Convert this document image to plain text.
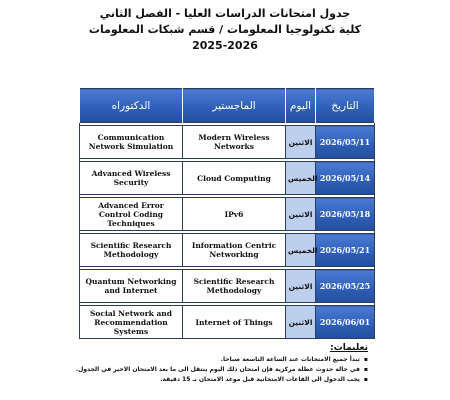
جدول امتحانات الدراسات العليا - الفصل الثاني
كلية تكنولوجيا المعلومات / قسم شبكات المعلومات
2025-2026
الدكتوراه	الماجستير	اليوم	التاريخ

Communication Network Simulation	Modern Wireless Networks	الاثنين	2026/05/11

Advanced Wireless Security	Cloud Computing	الخميس	2026/05/14

Advanced Error Control Coding Techniques	IPv6	الاثنين	2026/05/18

Scientific Research Methodology	Information Centric Networking	الخميس	2026/05/21

Quantum Networking and Internet	Scientific Research Methodology	الاثنين	2026/05/25

Social Network and Recommendation Systems	Internet of Things	الاثنين	2026/06/01
تعليمات:
▪ تبدأ جميع الامتحانات عند الساعة التاسعة صباحا.
▪ في حالة حدوث عطلة مركزية فإن امتحان ذلك اليوم ينتقل الى ما بعد الامتحان الاخير في الجدول.
▪ يجب الدخول الى القاعات الامتحانية قبل موعد الامتحان بـ 15 دقيقة.
